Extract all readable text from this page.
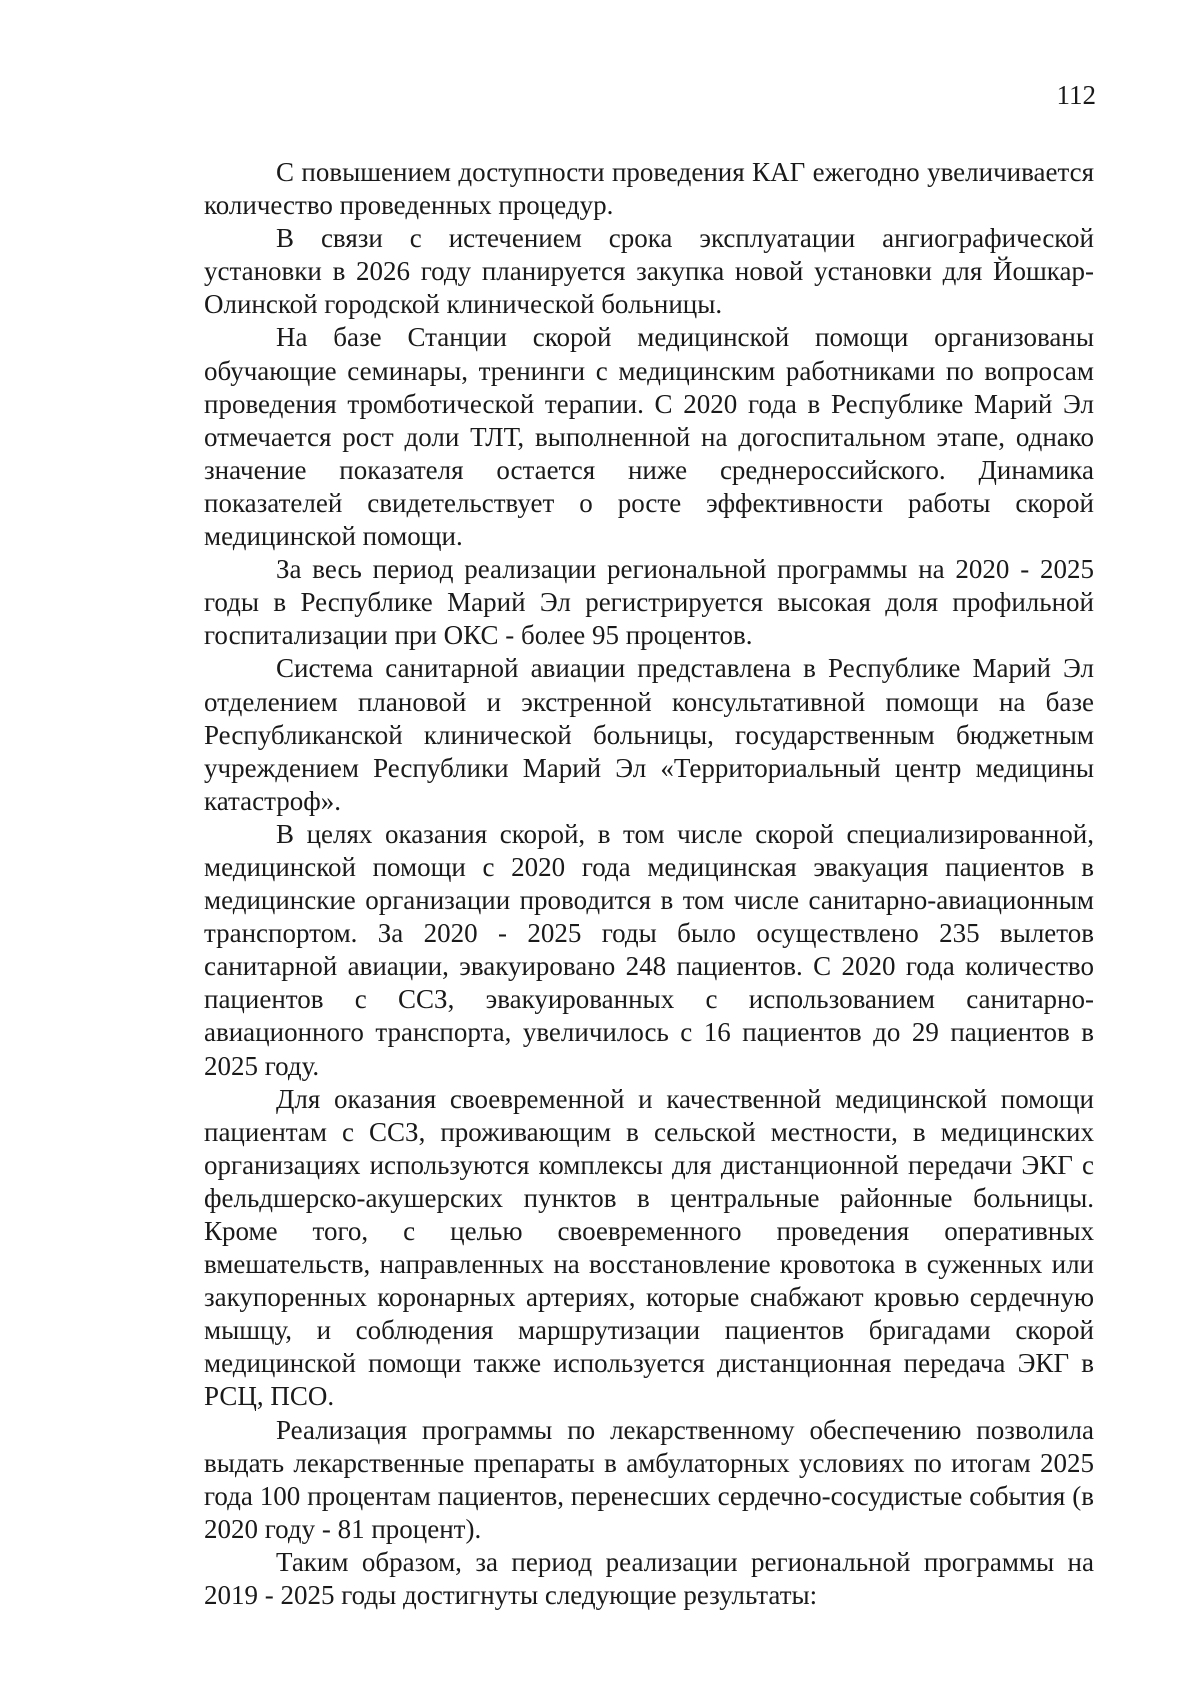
112

С повышением доступности проведения КАГ ежегодно увеличивается количество проведенных процедур.

В связи с истечением срока эксплуатации ангиографической установки в 2026 году планируется закупка новой установки для Йошкар-Олинской городской клинической больницы.

На базе Станции скорой медицинской помощи организованы обучающие семинары, тренинги с медицинским работниками по вопросам проведения тромботической терапии. С 2020 года в Республике Марий Эл отмечается рост доли ТЛТ, выполненной на догоспитальном этапе, однако значение показателя остается ниже среднероссийского. Динамика показателей свидетельствует о росте эффективности работы скорой медицинской помощи.

За весь период реализации региональной программы на 2020 - 2025 годы в Республике Марий Эл регистрируется высокая доля профильной госпитализации при ОКС - более 95 процентов.

Система санитарной авиации представлена в Республике Марий Эл отделением плановой и экстренной консультативной помощи на базе Республиканской клинической больницы, государственным бюджетным учреждением Республики Марий Эл «Территориальный центр медицины катастроф».

В целях оказания скорой, в том числе скорой специализированной, медицинской помощи с 2020 года медицинская эвакуация пациентов в медицинские организации проводится в том числе санитарно-авиационным транспортом. За 2020 - 2025 годы было осуществлено 235 вылетов санитарной авиации, эвакуировано 248 пациентов. С 2020 года количество пациентов с ССЗ, эвакуированных с использованием санитарно-авиационного транспорта, увеличилось с 16 пациентов до 29 пациентов в 2025 году.

Для оказания своевременной и качественной медицинской помощи пациентам с ССЗ, проживающим в сельской местности, в медицинских организациях используются комплексы для дистанционной передачи ЭКГ с фельдшерско-акушерских пунктов в центральные районные больницы. Кроме того, с целью своевременного проведения оперативных вмешательств, направленных на восстановление кровотока в суженных или закупоренных коронарных артериях, которые снабжают кровью сердечную мышцу, и соблюдения маршрутизации пациентов бригадами скорой медицинской помощи также используется дистанционная передача ЭКГ в РСЦ, ПСО.

Реализация программы по лекарственному обеспечению позволила выдать лекарственные препараты в амбулаторных условиях по итогам 2025 года 100 процентам пациентов, перенесших сердечно-сосудистые события (в 2020 году - 81 процент).

Таким образом, за период реализации региональной программы на 2019 - 2025 годы достигнуты следующие результаты:
